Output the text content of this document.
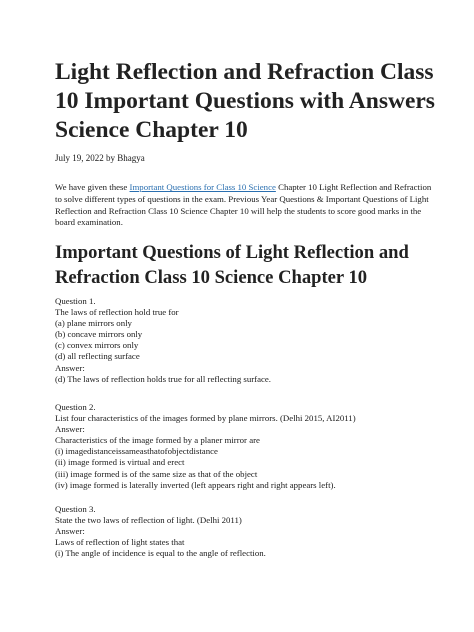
Light Reflection and Refraction Class 10 Important Questions with Answers Science Chapter 10
July 19, 2022 by Bhagya

We have given these Important Questions for Class 10 Science Chapter 10 Light Reflection and Refraction to solve different types of questions in the exam. Previous Year Questions & Important Questions of Light Reflection and Refraction Class 10 Science Chapter 10 will help the students to score good marks in the board examination.

Important Questions of Light Reflection and Refraction Class 10 Science Chapter 10
Question 1.
The laws of reflection hold true for
(a) plane mirrors only
(b) concave mirrors only
(c) convex mirrors only
(d) all reflecting surface
Answer:
(d) The laws of reflection holds true for all reflecting surface.
Question 2.
List four characteristics of the images formed by plane mirrors. (Delhi 2015, AI2011)
Answer:
Characteristics of the image formed by a planer mirror are
(i) imagedistanceissameasthatofobjectdistance
(ii) image formed is virtual and erect
(iii) image formed is of the same size as that of the object
(iv) image formed is laterally inverted (left appears right and right appears left).
Question 3.
State the two laws of reflection of light. (Delhi 2011)
Answer:
Laws of reflection of light states that
(i) The angle of incidence is equal to the angle of reflection.
